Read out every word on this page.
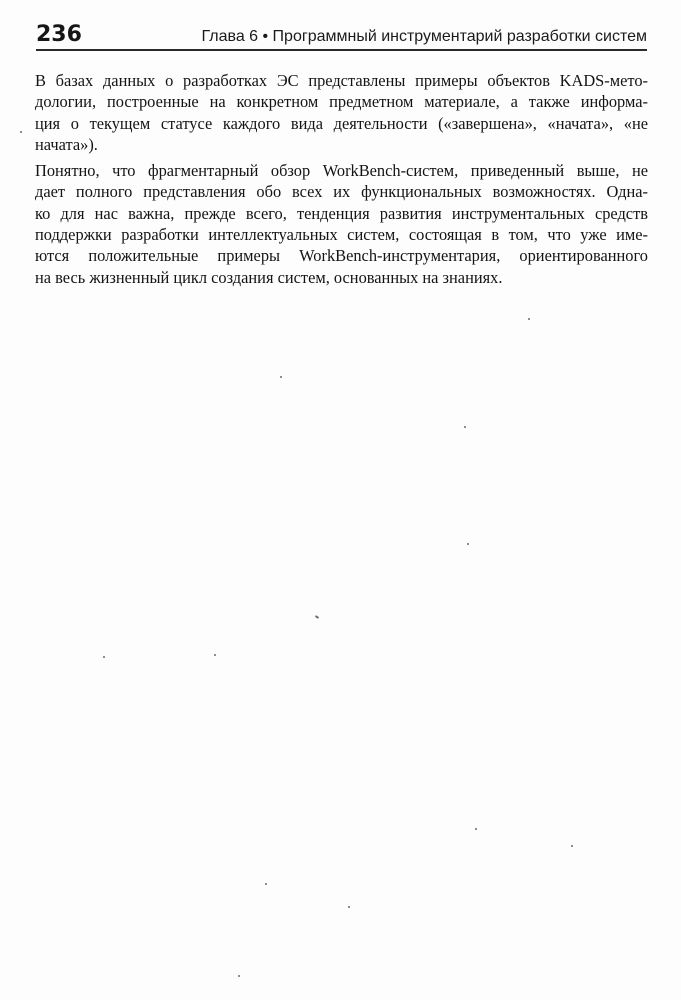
236	Глава 6 • Программный инструментарий разработки систем

В базах данных о разработках ЭС представлены примеры объектов KADS-мето-
дологии, построенные на конкретном предметном материале, а также информа-
ция о текущем статусе каждого вида деятельности («завершена», «начата», «не
начата»).

Понятно, что фрагментарный обзор WorkBench-систем, приведенный выше, не
дает полного представления обо всех их функциональных возможностях. Одна-
ко для нас важна, прежде всего, тенденция развития инструментальных средств
поддержки разработки интеллектуальных систем, состоящая в том, что уже име-
ются положительные примеры WorkBench-инструментария, ориентированного
на весь жизненный цикл создания систем, основанных на знаниях.
